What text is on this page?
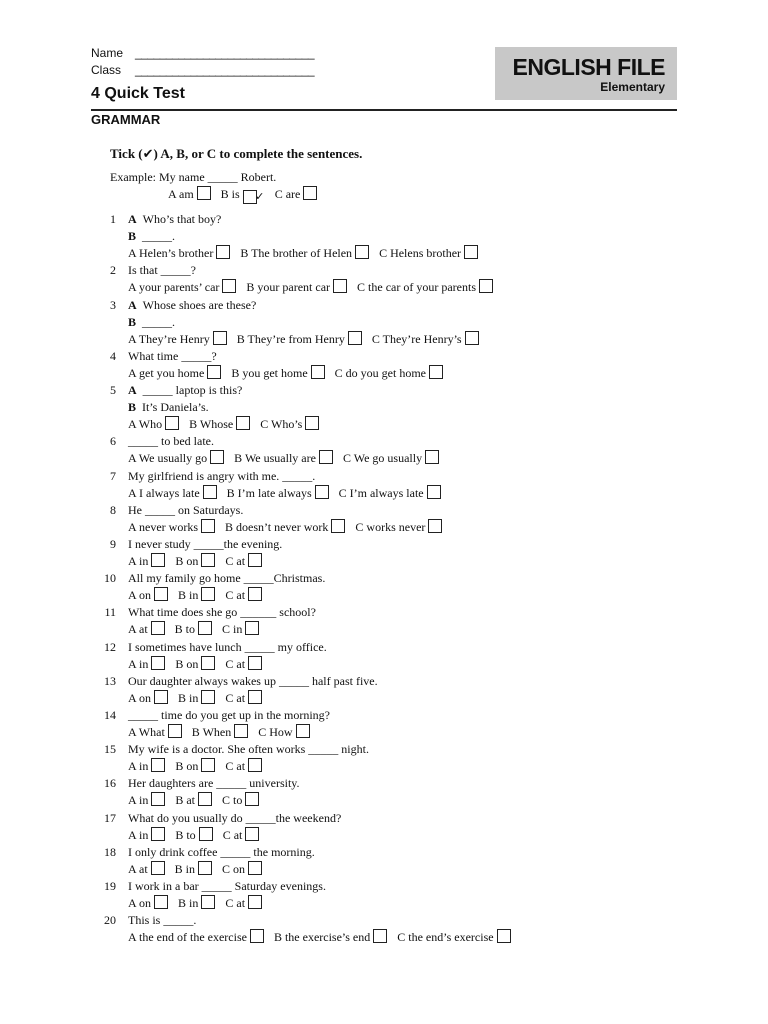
Name _____________________________
Class _____________________________	ENGLISH FILE
Elementary
4 Quick Test
GRAMMAR
Tick (✔) A, B, or C to complete the sentences.
Example: My name _____ Robert.
A am B is ✓ C are
1 A Who’s that boy?
B _____.
A Helen’s brother B The brother of Helen C Helens brother
2 Is that _____?
A your parents’ car B your parent car C the car of your parents
3 A Whose shoes are these?
B _____.
A They’re Henry B They’re from Henry C They’re Henry’s
4 What time _____?
A get you home B you get home C do you get home
5 A _____ laptop is this?
B It’s Daniela’s.
A Who B Whose C Who’s
6 _____ to bed late.
A We usually go B We usually are C We go usually
7 My girlfriend is angry with me. _____.
A I always late B I’m late always C I’m always late
8 He _____ on Saturdays.
A never works B doesn’t never work C works never
9 I never study _____the evening.
A in B on C at
10 All my family go home _____Christmas.
A on B in C at
11 What time does she go ______ school?
A at B to C in
12 I sometimes have lunch _____ my office.
A in B on C at
13 Our daughter always wakes up _____ half past five.
A on B in C at
14 _____ time do you get up in the morning?
A What B When C How
15 My wife is a doctor. She often works _____ night.
A in B on C at
16 Her daughters are _____ university.
A in B at C to
17 What do you usually do _____the weekend?
A in B to C at
18 I only drink coffee _____ the morning.
A at B in C on
19 I work in a bar _____ Saturday evenings.
A on B in C at
20 This is _____.
A the end of the exercise B the exercise’s end C the end’s exercise
